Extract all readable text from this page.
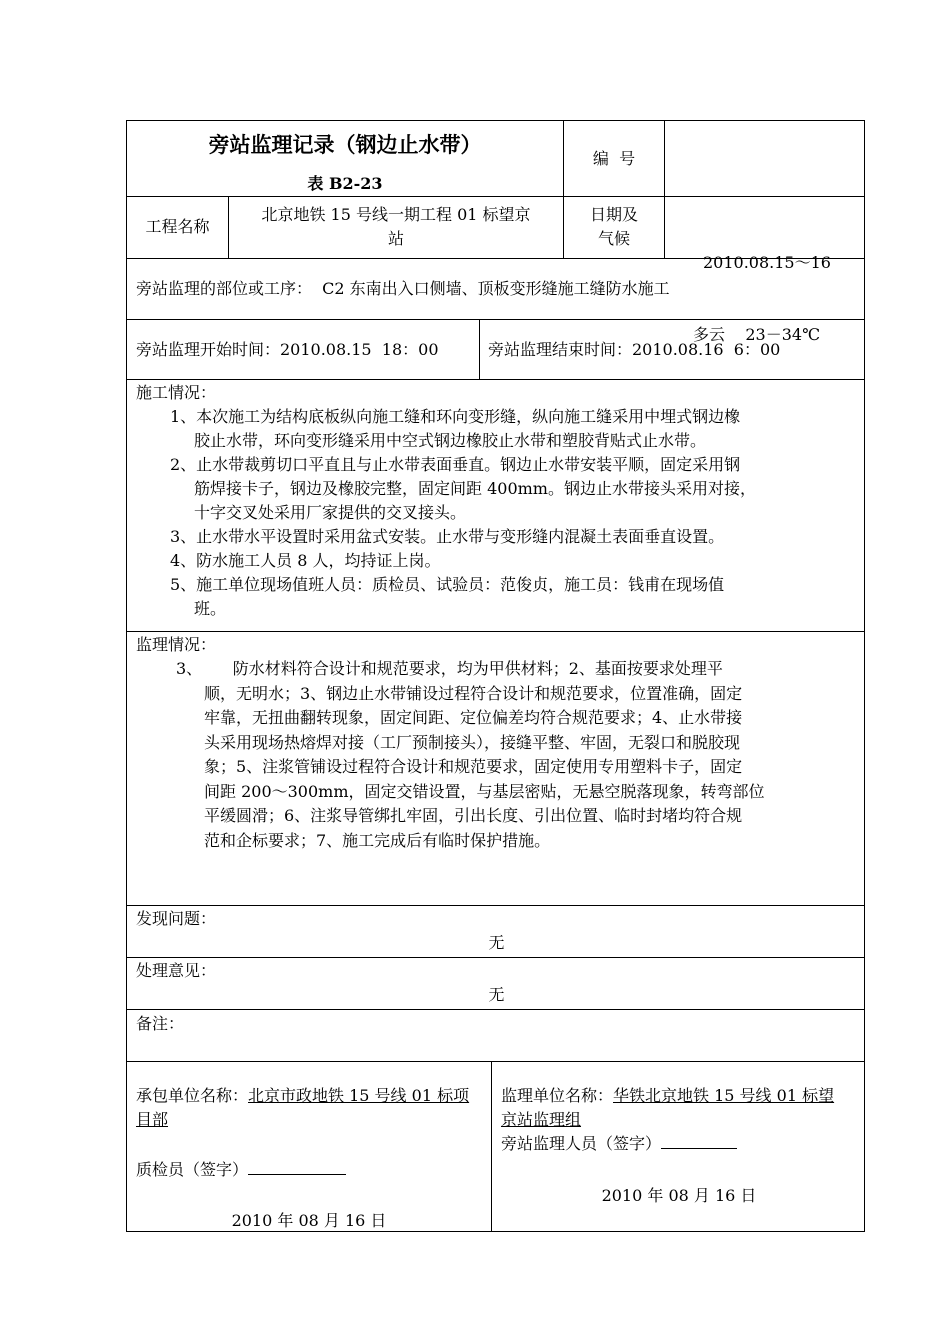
旁站监理记录（钢边止水带）
表 B2-23
编  号
工程名称
北京地铁 15 号线一期工程 01 标望京
站
日期及
气候

2010.08.15～16

多云    23－34℃

旁站监理的部位或工序：  C2 东南出入口侧墙、顶板变形缝施工缝防水施工
旁站监理开始时间：2010.08.15  18：00	旁站监理结束时间：2010.08.16  6：00
施工情况：
1、本次施工为结构底板纵向施工缝和环向变形缝，纵向施工缝采用中埋式钢边橡
胶止水带，环向变形缝采用中空式钢边橡胶止水带和塑胶背贴式止水带。
2、止水带裁剪切口平直且与止水带表面垂直。钢边止水带安装平顺，固定采用钢
筋焊接卡子，钢边及橡胶完整，固定间距 400mm。钢边止水带接头采用对接，
十字交叉处采用厂家提供的交叉接头。
3、止水带水平设置时采用盆式安装。止水带与变形缝内混凝土表面垂直设置。
4、防水施工人员 8 人，均持证上岗。
5、施工单位现场值班人员：质检员、试验员：范俊贞，施工员：钱甫在现场值
班。
监理情况：
3、      防水材料符合设计和规范要求，均为甲供材料；2、基面按要求处理平
顺，无明水；3、钢边止水带铺设过程符合设计和规范要求，位置准确，固定
牢靠，无扭曲翻转现象，固定间距、定位偏差均符合规范要求；4、止水带接
头采用现场热熔焊对接（工厂预制接头），接缝平整、牢固，无裂口和脱胶现
象；5、注浆管铺设过程符合设计和规范要求，固定使用专用塑料卡子，固定
间距 200～300mm，固定交错设置，与基层密贴，无悬空脱落现象，转弯部位
平缓圆滑；6、注浆导管绑扎牢固，引出长度、引出位置、临时封堵均符合规
范和企标要求；7、施工完成后有临时保护措施。
发现问题：
无
处理意见：
无
备注：
承包单位名称：北京市政地铁 15 号线 01 标项
目部
质检员（签字）
2010 年 08 月 16 日
监理单位名称：华铁北京地铁 15 号线 01 标望
京站监理组
旁站监理人员（签字）
2010 年 08 月 16 日
